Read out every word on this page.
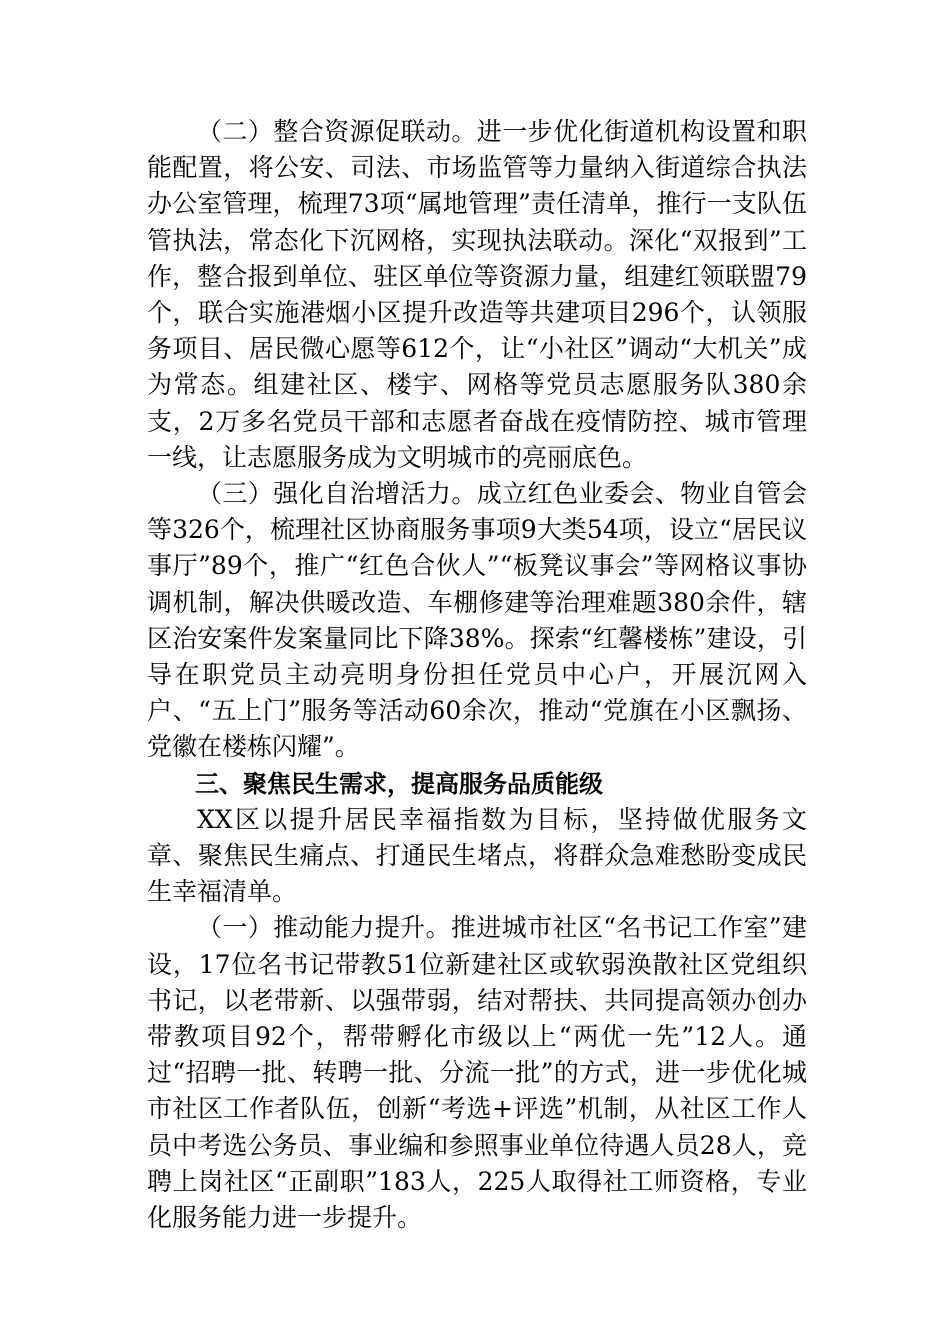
（二）整合资源促联动。进一步优化街道机构设置和职能配置，将公安、司法、市场监管等力量纳入街道综合执法办公室管理，梳理73项“属地管理”责任清单，推行一支队伍管执法，常态化下沉网格，实现执法联动。深化“双报到”工作，整合报到单位、驻区单位等资源力量，组建红领联盟79个，联合实施港烟小区提升改造等共建项目296个，认领服务项目、居民微心愿等612个，让“小社区”调动“大机关”成为常态。组建社区、楼宇、网格等党员志愿服务队380余支，2万多名党员干部和志愿者奋战在疫情防控、城市管理一线，让志愿服务成为文明城市的亮丽底色。

（三）强化自治增活力。成立红色业委会、物业自管会等326个，梳理社区协商服务事项9大类54项，设立“居民议事厅”89个，推广“红色合伙人”“板凳议事会”等网格议事协调机制，解决供暖改造、车棚修建等治理难题380余件，辖区治安案件发案量同比下降38%。探索“红馨楼栋”建设，引导在职党员主动亮明身份担任党员中心户，开展沉网入户、“五上门”服务等活动60余次，推动“党旗在小区飘扬、党徽在楼栋闪耀”。

三、聚焦民生需求，提高服务品质能级

XX区以提升居民幸福指数为目标，坚持做优服务文章、聚焦民生痛点、打通民生堵点，将群众急难愁盼变成民生幸福清单。

（一）推动能力提升。推进城市社区“名书记工作室”建设，17位名书记带教51位新建社区或软弱涣散社区党组织书记，以老带新、以强带弱，结对帮扶、共同提高领办创办带教项目92个，帮带孵化市级以上“两优一先”12人。通过“招聘一批、转聘一批、分流一批”的方式，进一步优化城市社区工作者队伍，创新“考选+评选”机制，从社区工作人员中考选公务员、事业编和参照事业单位待遇人员28人，竞聘上岗社区“正副职”183人，225人取得社工师资格，专业化服务能力进一步提升。
